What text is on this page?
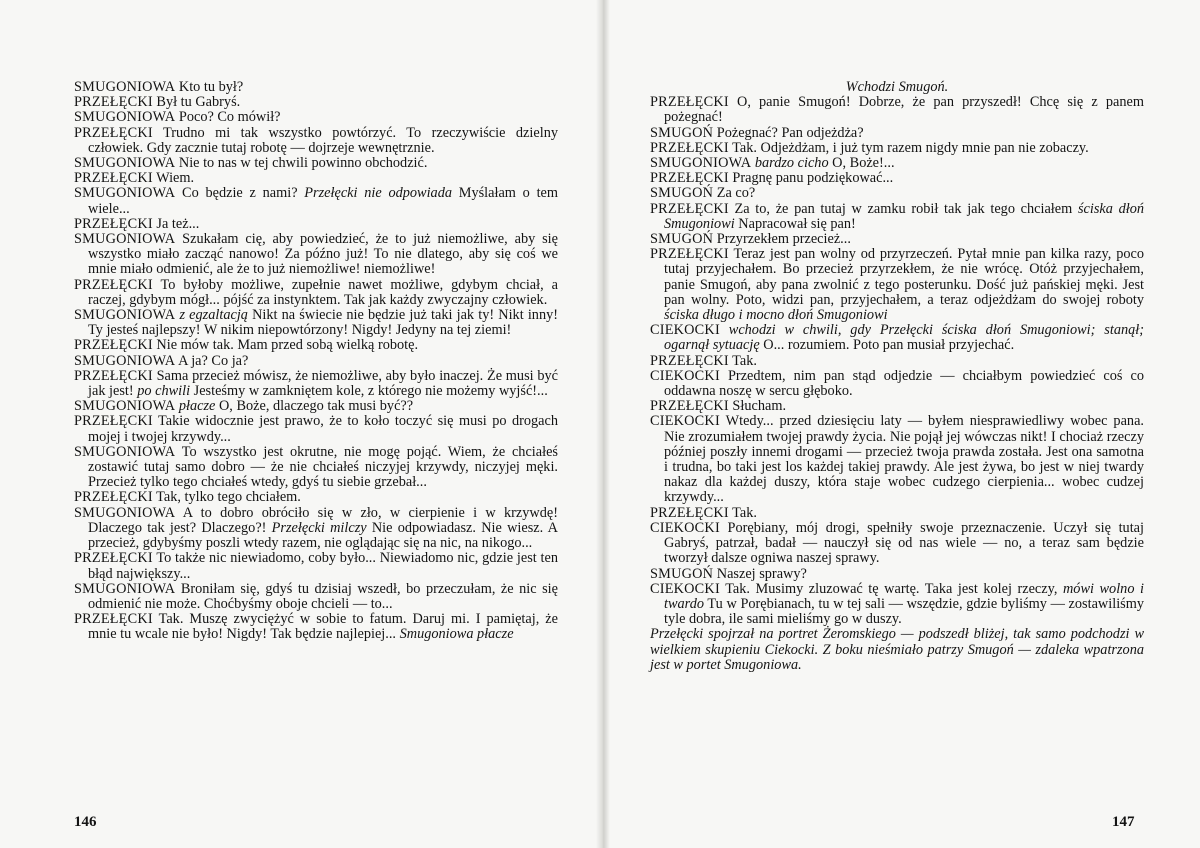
SMUGONIOWA Kto tu był?
PRZEŁĘCKI Był tu Gabryś.
SMUGONIOWA Poco? Co mówił?
PRZEŁĘCKI Trudno mi tak wszystko powtórzyć. To rzeczywiście dzielny człowiek. Gdy zacznie tutaj robotę — dojrzeje wewnętrznie.
SMUGONIOWA Nie to nas w tej chwili powinno obchodzić.
PRZEŁĘCKI Wiem.
SMUGONIOWA Co będzie z nami? Przełęcki nie odpowiada Myślałam o tem wiele...
PRZEŁĘCKI Ja też...
SMUGONIOWA Szukałam cię, aby powiedzieć, że to już niemożliwe, aby się wszystko miało zacząć nanowo! Za późno już! To nie dlatego, aby się coś we mnie miało odmienić, ale że to już niemożliwe! niemożliwe!
PRZEŁĘCKI To byłoby możliwe, zupełnie nawet możliwe, gdybym chciał, a raczej, gdybym mógł... pójść za instynktem. Tak jak każdy zwyczajny człowiek.
SMUGONIOWA z egzaltacją Nikt na świecie nie będzie już taki jak ty! Nikt inny! Ty jesteś najlepszy! W nikim niepowtórzony! Nigdy! Jedyny na tej ziemi!
PRZEŁĘCKI Nie mów tak. Mam przed sobą wielką robotę.
SMUGONIOWA A ja? Co ja?
PRZEŁĘCKI Sama przecież mówisz, że niemożliwe, aby było inaczej. Że musi być jak jest! po chwili Jesteśmy w zamkniętem kole, z którego nie możemy wyjść!...
SMUGONIOWA płacze O, Boże, dlaczego tak musi być??
PRZEŁĘCKI Takie widocznie jest prawo, że to koło toczyć się musi po drogach mojej i twojej krzywdy...
SMUGONIOWA To wszystko jest okrutne, nie mogę pojąć. Wiem, że chciałeś zostawić tutaj samo dobro — że nie chciałeś niczyjej krzywdy, niczyjej męki. Przecież tylko tego chciałeś wtedy, gdyś tu siebie grzebał...
PRZEŁĘCKI Tak, tylko tego chciałem.
SMUGONIOWA A to dobro obróciło się w zło, w cierpienie i w krzywdę! Dlaczego tak jest? Dlaczego?! Przełęcki milczy Nie odpowiadasz. Nie wiesz. A przecież, gdybyśmy poszli wtedy razem, nie oglądając się na nic, na nikogo...
PRZEŁĘCKI To także nic niewiadomo, coby było... Niewiadomo nic, gdzie jest ten błąd największy...
SMUGONIOWA Broniłam się, gdyś tu dzisiaj wszedł, bo przeczułam, że nic się odmienić nie może. Choćbyśmy oboje chcieli — to...
PRZEŁĘCKI Tak. Muszę zwyciężyć w sobie to fatum. Daruj mi. I pamiętaj, że mnie tu wcale nie było! Nigdy! Tak będzie najlepiej... Smugoniowa płacze
146
Wchodzi Smugoń.
PRZEŁĘCKI O, panie Smugoń! Dobrze, że pan przyszedł! Chcę się z panem pożegnać!
SMUGOŃ Pożegnać? Pan odjeżdża?
PRZEŁĘCKI Tak. Odjeżdżam, i już tym razem nigdy mnie pan nie zobaczy.
SMUGONIOWA bardzo cicho O, Boże!...
PRZEŁĘCKI Pragnę panu podziękować...
SMUGOŃ Za co?
PRZEŁĘCKI Za to, że pan tutaj w zamku robił tak jak tego chciałem ściska dłoń Smugoniowi Napracował się pan!
SMUGOŃ Przyrzekłem przecież...
PRZEŁĘCKI Teraz jest pan wolny od przyrzeczeń. Pytał mnie pan kilka razy, poco tutaj przyjechałem. Bo przecież przyrzekłem, że nie wrócę. Otóż przyjechałem, panie Smugoń, aby pana zwolnić z tego posterunku. Dość już pańskiej męki. Jest pan wolny. Poto, widzi pan, przyjechałem, a teraz odjeżdżam do swojej roboty ściska długo i mocno dłoń Smugoniowi
CIEKOCKI wchodzi w chwili, gdy Przełęcki ściska dłoń Smugoniowi; stanął; ogarnął sytuację O... rozumiem. Poto pan musiał przyjechać.
PRZEŁĘCKI Tak.
CIEKOCKI Przedtem, nim pan stąd odjedzie — chciałbym powiedzieć coś co oddawna noszę w sercu głęboko.
PRZEŁĘCKI Słucham.
CIEKOCKI Wtedy... przed dziesięciu laty — byłem niesprawiedliwy wobec pana. Nie zrozumiałem twojej prawdy życia. Nie pojął jej wówczas nikt! I chociaż rzeczy później poszły innemi drogami — przecież twoja prawda została. Jest ona samotna i trudna, bo taki jest los każdej takiej prawdy. Ale jest żywa, bo jest w niej twardy nakaz dla każdej duszy, która staje wobec cudzego cierpienia... wobec cudzej krzywdy...
PRZEŁĘCKI Tak.
CIEKOCKI Porębiany, mój drogi, spełniły swoje przeznaczenie. Uczył się tutaj Gabryś, patrzał, badał — nauczył się od nas wiele — no, a teraz sam będzie tworzył dalsze ogniwa naszej sprawy.
SMUGOŃ Naszej sprawy?
CIEKOCKI Tak. Musimy zluzować tę wartę. Taka jest kolej rzeczy, mówi wolno i twardo Tu w Porębianach, tu w tej sali — wszędzie, gdzie byliśmy — zostawiliśmy tyle dobra, ile sami mieliśmy go w duszy.
Przełęcki spojrzał na portret Żeromskiego — podszedł bliżej, tak samo podchodzi w wielkiem skupieniu Ciekocki. Z boku nieśmiało patrzy Smugoń — zdaleka wpatrzona jest w portet Smugoniowa.
147
